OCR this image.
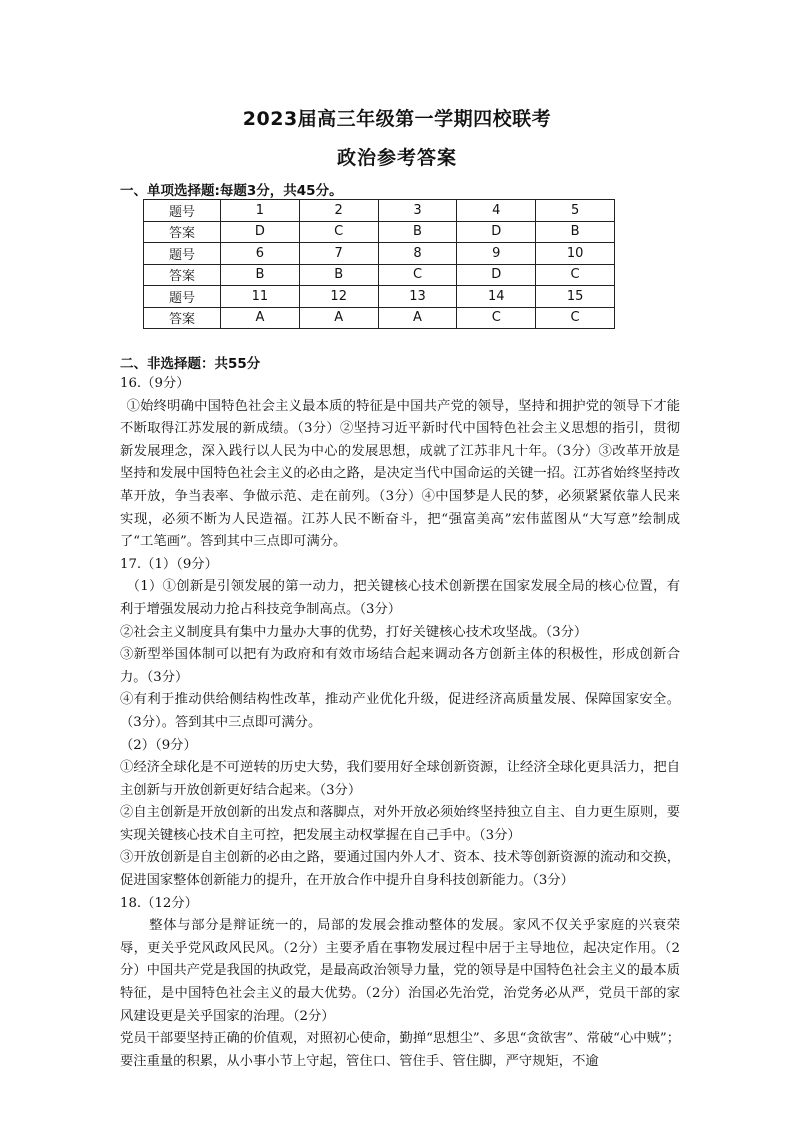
2023届高三年级第一学期四校联考
政治参考答案
一、单项选择题:每题3分，共45分。
题号	1	2	3	4	5
答案	D	C	B	D	B
题号	6	7	8	9	10
答案	B	B	C	D	C
题号	11	12	13	14	15
答案	A	A	A	C	C
二、非选择题：共55分

16.（9分）

①始终明确中国特色社会主义最本质的特征是中国共产党的领导，坚持和拥护党的领导下才能不断取得江苏发展的新成绩。（3分）②坚持习近平新时代中国特色社会主义思想的指引，贯彻新发展理念，深入践行以人民为中心的发展思想，成就了江苏非凡十年。（3分）③改革开放是坚持和发展中国特色社会主义的必由之路，是决定当代中国命运的关键一招。江苏省始终坚持改革开放，争当表率、争做示范、走在前列。（3分）④中国梦是人民的梦，必须紧紧依靠人民来实现，必须不断为人民造福。江苏人民不断奋斗，把“强富美高”宏伟蓝图从“大写意”绘制成了“工笔画”。答到其中三点即可满分。

17.（1）（9分）

（1）①创新是引领发展的第一动力，把关键核心技术创新摆在国家发展全局的核心位置，有利于增强发展动力抢占科技竞争制高点。（3分）

②社会主义制度具有集中力量办大事的优势，打好关键核心技术攻坚战。（3分）

③新型举国体制可以把有为政府和有效市场结合起来调动各方创新主体的积极性，形成创新合力。（3分）

④有利于推动供给侧结构性改革，推动产业优化升级，促进经济高质量发展、保障国家安全。（3分）。答到其中三点即可满分。

（2）（9分）

①经济全球化是不可逆转的历史大势，我们要用好全球创新资源，让经济全球化更具活力，把自主创新与开放创新更好结合起来。（3分）

②自主创新是开放创新的出发点和落脚点，对外开放必须始终坚持独立自主、自力更生原则，要实现关键核心技术自主可控，把发展主动权掌握在自己手中。（3分）

③开放创新是自主创新的必由之路，要通过国内外人才、资本、技术等创新资源的流动和交换，促进国家整体创新能力的提升，在开放合作中提升自身科技创新能力。（3分）

18.（12分）

整体与部分是辩证统一的，局部的发展会推动整体的发展。家风不仅关乎家庭的兴衰荣辱，更关乎党风政风民风。（2分）主要矛盾在事物发展过程中居于主导地位，起决定作用。（2分）中国共产党是我国的执政党，是最高政治领导力量，党的领导是中国特色社会主义的最本质特征，是中国特色社会主义的最大优势。（2分）治国必先治党，治党务必从严，党员干部的家风建设更是关乎国家的治理。（2分）

党员干部要坚持正确的价值观，对照初心使命，勤掸“思想尘”、多思“贪欲害”、常破“心中贼”；要注重量的积累，从小事小节上守起，管住口、管住手、管住脚，严守规矩，不逾
